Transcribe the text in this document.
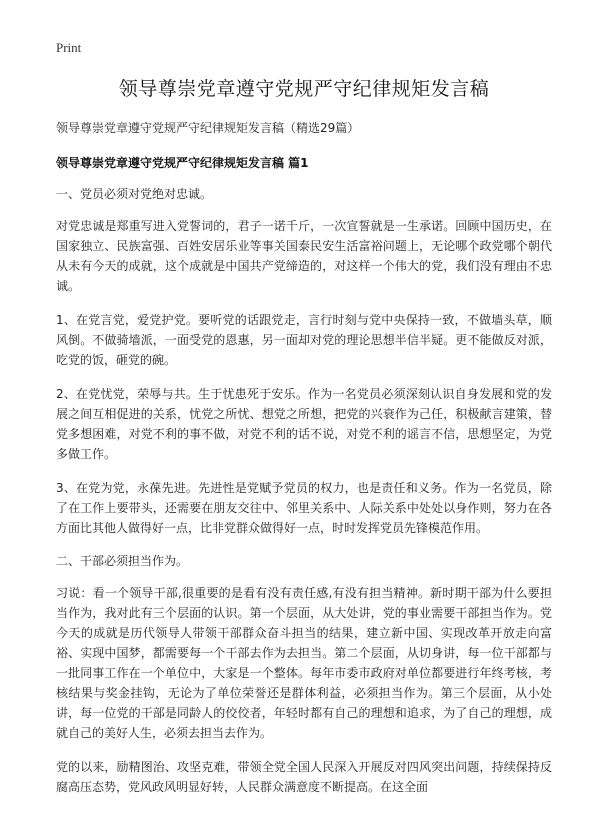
Print
领导尊崇党章遵守党规严守纪律规矩发言稿

领导尊崇党章遵守党规严守纪律规矩发言稿（精选29篇）

领导尊崇党章遵守党规严守纪律规矩发言稿 篇1

一、党员必须对党绝对忠诚。

对党忠诚是郑重写进入党誓词的，君子一诺千斤，一次宣誓就是一生承诺。回顾中国历史，在国家独立、民族富强、百姓安居乐业等事关国泰民安生活富裕问题上，无论哪个政党哪个朝代从未有今天的成就，这个成就是中国共产党缔造的，对这样一个伟大的党，我们没有理由不忠诚。

1、在党言党，爱党护党。要听党的话跟党走，言行时刻与党中央保持一致，不做墙头草，顺风倒。不做骑墙派，一面受党的恩惠，另一面却对党的理论思想半信半疑。更不能做反对派，吃党的饭，砸党的碗。

2、在党忧党，荣辱与共。生于忧患死于安乐。作为一名党员必须深刻认识自身发展和党的发展之间互相促进的关系，忧党之所忧、想党之所想，把党的兴衰作为己任，积极献言建策，替党多想困难，对党不利的事不做，对党不利的话不说，对党不利的谣言不信，思想坚定，为党多做工作。

3、在党为党，永葆先进。先进性是党赋予党员的权力，也是责任和义务。作为一名党员，除了在工作上要带头，还需要在朋友交往中、邻里关系中、人际关系中处处以身作则，努力在各方面比其他人做得好一点，比非党群众做得好一点，时时发挥党员先锋模范作用。

二、干部必须担当作为。

习说：看一个领导干部,很重要的是看有没有责任感,有没有担当精神。新时期干部为什么要担当作为，我对此有三个层面的认识。第一个层面，从大处讲，党的事业需要干部担当作为。党今天的成就是历代领导人带领干部群众奋斗担当的结果，建立新中国、实现改革开放走向富裕、实现中国梦，都需要每一个干部去作为去担当。第二个层面，从切身讲，每一位干部都与一批同事工作在一个单位中，大家是一个整体。每年市委市政府对单位都要进行年终考核，考核结果与奖金挂钩，无论为了单位荣誉还是群体利益，必须担当作为。第三个层面，从小处讲，每一位党的干部是同龄人的佼佼者，年轻时都有自己的理想和追求，为了自己的理想，成就自己的美好人生，必须去担当去作为。

党的以来，励精图治、攻坚克难，带领全党全国人民深入开展反对四风突出问题，持续保持反腐高压态势，党风政风明显好转，人民群众满意度不断提高。在这全面
